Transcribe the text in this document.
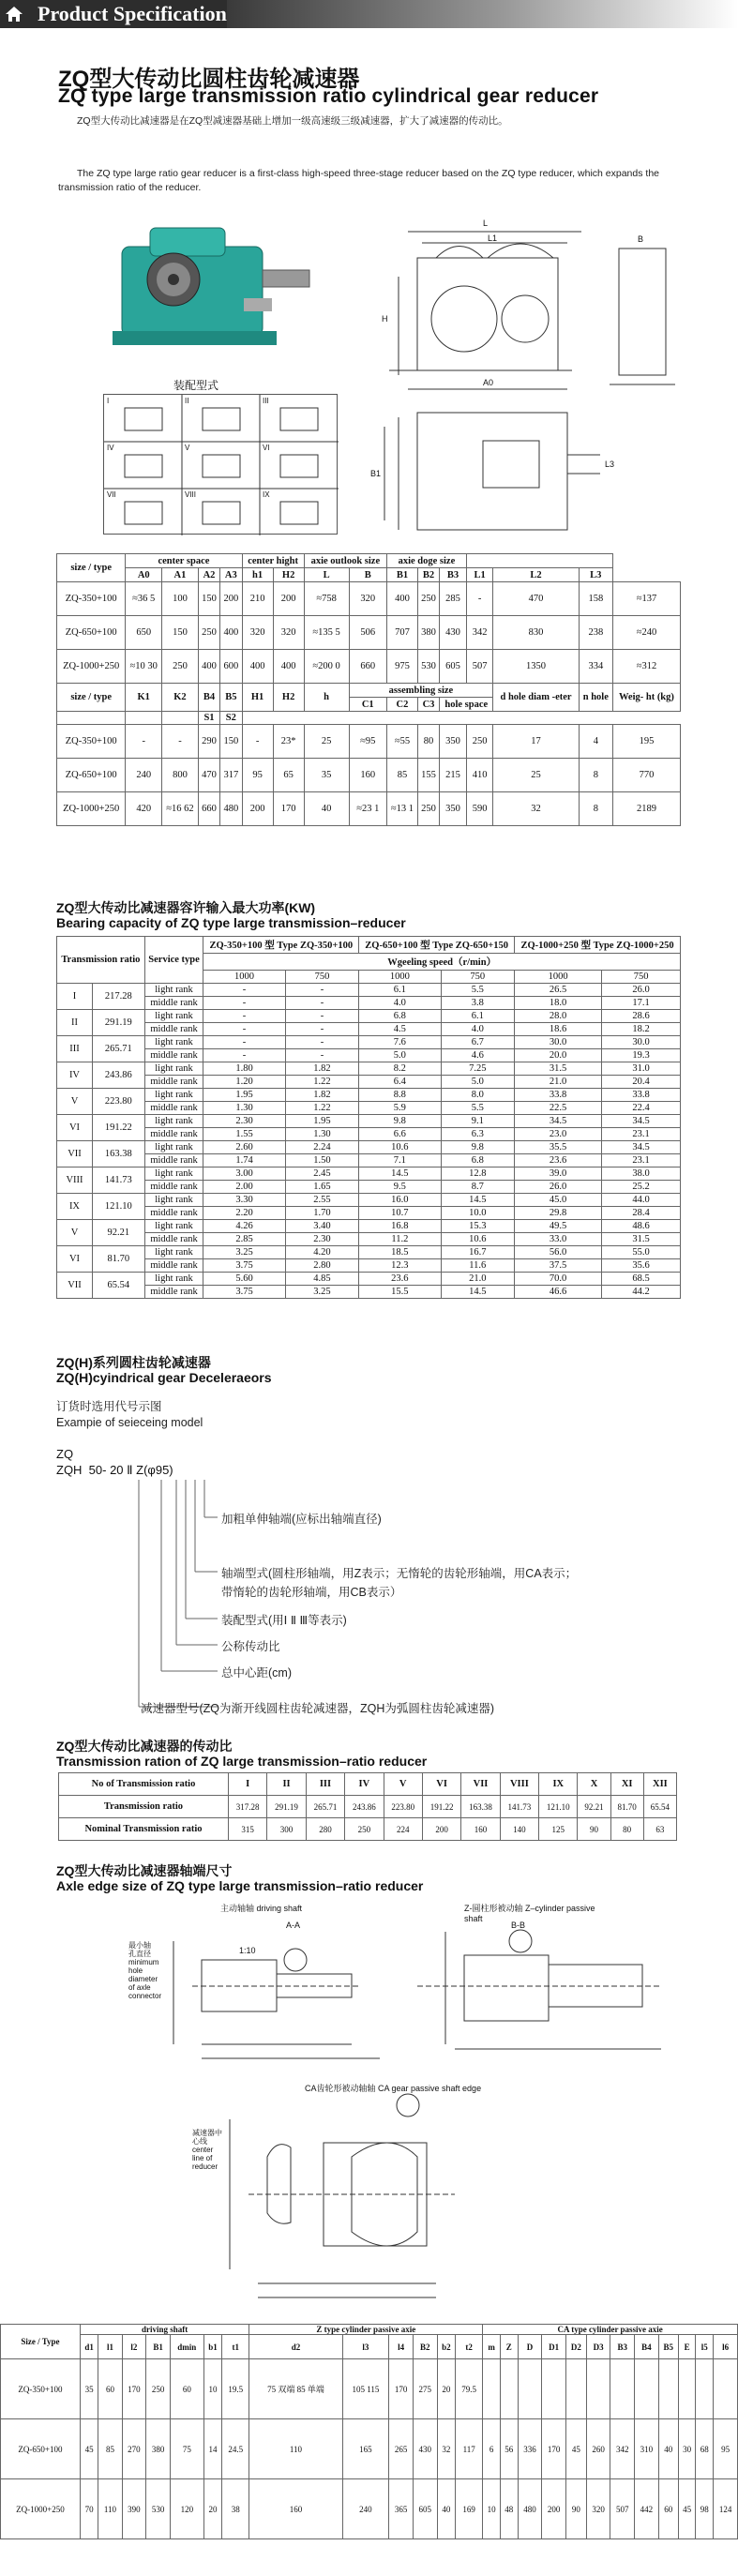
Product Specification
ZQ型大传动比圆柱齿轮减速器
ZQ type large transmission ratio cylindrical gear reducer
ZQ型大传动比减速器是在ZQ型减速器基础上增加一级高速级三级减速器，扩大了减速器的传动比。
The ZQ type large ratio gear reducer is a first-class high-speed three-stage reducer based on the ZQ type reducer, which expands the transmission ratio of the reducer.
L
L1
H
A0
B
B1
L3
装配型式
I	II	III
IV	V	VI
VII	VIII	IX
size / type	center space				center hight		axie outlook size		axie doge size						
	A0	A1	A2	A3	h1	H2	L	B	B1	B2	B3	L1	L2	L3	
ZQ-350+100	≈36 5	100	150	200	210	200	≈758	320	400	250	285	-	470	158	≈137
ZQ-650+100	650	150	250	400	320	320	≈135 5	506	707	380	430	342	830	238	≈240
ZQ-1000+250	≈10 30	250	400	600	400	400	≈200 0	660	975	530	605	507	1350	334	≈312
size / type	K1	K2	B4	B5	H1	H2	h	assembling size					d hole diam -eter	n hole	Weig- ht (kg)
								C1	C2	C3	hole space				
			S1	S2											
ZQ-350+100	-	-	290	150	-	23*	25	≈95	≈55	80	350	250	17	4	195
ZQ-650+100	240	800	470	317	95	65	35	160	85	155	215	410	25	8	770
ZQ-1000+250	420	≈16 62	660	480	200	170	40	≈23 1	≈13 1	250	350	590	32	8	2189
ZQ型大传动比减速器容许输入最大功率(KW)
Bearing capacity of ZQ type large transmission–reducer
Transmission ratio		Service type	ZQ-350+100 型 Type ZQ-350+100		ZQ-650+100 型 Type ZQ-650+150		ZQ-1000+250 型 Type ZQ-1000+250	
			Wgeeling speed（r/min）					
			1000	750	1000	750	1000	750
I	217.28	light rank	-	-	6.1	5.5	26.5	26.0
		middle rank	-	-	4.0	3.8	18.0	17.1
II	291.19	light rank	-	-	6.8	6.1	28.0	28.6
		middle rank	-	-	4.5	4.0	18.6	18.2
III	265.71	light rank	-	-	7.6	6.7	30.0	30.0
		middle rank	-	-	5.0	4.6	20.0	19.3
IV	243.86	light rank	1.80	1.82	8.2	7.25	31.5	31.0
		middle rank	1.20	1.22	6.4	5.0	21.0	20.4
V	223.80	light rank	1.95	1.82	8.8	8.0	33.8	33.8
		middle rank	1.30	1.22	5.9	5.5	22.5	22.4
VI	191.22	light rank	2.30	1.95	9.8	9.1	34.5	34.5
		middle rank	1.55	1.30	6.6	6.3	23.0	23.1
VII	163.38	light rank	2.60	2.24	10.6	9.8	35.5	34.5
		middle rank	1.74	1.50	7.1	6.8	23.6	23.1
VIII	141.73	light rank	3.00	2.45	14.5	12.8	39.0	38.0
		middle rank	2.00	1.65	9.5	8.7	26.0	25.2
IX	121.10	light rank	3.30	2.55	16.0	14.5	45.0	44.0
		middle rank	2.20	1.70	10.7	10.0	29.8	28.4
V	92.21	light rank	4.26	3.40	16.8	15.3	49.5	48.6
		middle rank	2.85	2.30	11.2	10.6	33.0	31.5
VI	81.70	light rank	3.25	4.20	18.5	16.7	56.0	55.0
		middle rank	3.75	2.80	12.3	11.6	37.5	35.6
VII	65.54	light rank	5.60	4.85	23.6	21.0	70.0	68.5
		middle rank	3.75	3.25	15.5	14.5	46.6	44.2
ZQ(H)系列圆柱齿轮减速器
ZQ(H)cyindrical gear Deceleraeors
订货时选用代号示图
Exampie of seieceing model
ZQ
ZQH  50- 20 Ⅱ Z(φ95)
加粗单伸轴端(应标出轴端直径)
轴端型式(圆柱形轴端，用Z表示；无惰轮的齿轮形轴端，用CA表示；
带惰轮的齿轮形轴端，用CB表示）
装配型式(用Ⅰ Ⅱ Ⅲ等表示)
公称传动比
总中心距(cm)
减速器型号(ZQ为渐开线圆柱齿轮减速器，ZQH为弧圆柱齿轮减速器)
ZQ型大传动比减速器的传动比
Transmission ration of ZQ large transmission–ratio reducer
No of Transmission ratio	I	II	III	IV	V	VI	VII	VIII	IX	X	XI	XII
Transmission ratio	317.28	291.19	265.71	243.86	223.80	191.22	163.38	141.73	121.10	92.21	81.70	65.54
Nominal Transmission ratio	315	300	280	250	224	200	160	140	125	90	80	63
ZQ型大传动比减速器轴端尺寸
Axle edge size of ZQ type large transmission–ratio reducer
主动轴轴 driving shaft	Z-圆柱形被动轴 Z–cylinder passive shaft
CA齿轮形被动轴轴 CA gear passive shaft edge
最小轴孔直径 minimum hole diameter of axle connector
减速器中心线 center line of reducer
A-A	B-B
1:10
Size / Type	driving shaft							Z type cylinder passive axie						CA type cylinder passive axie											
	d1	l1	l2	B1	dmin	b1	t1	d2	l3	l4	B2	b2	t2	m	Z	D	D1	D2	D3	B3	B4	B5	E	l5	l6
ZQ-350+100	35	60	170	250	60	10	19.5	75 双端 85 单端	105 115	170	275	20	79.5												
ZQ-650+100	45	85	270	380	75	14	24.5	110	165	265	430	32	117	6	56	336	170	45	260	342	310	40	30	68	95
ZQ-1000+250	70	110	390	530	120	20	38	160	240	365	605	40	169	10	48	480	200	90	320	507	442	60	45	98	124
